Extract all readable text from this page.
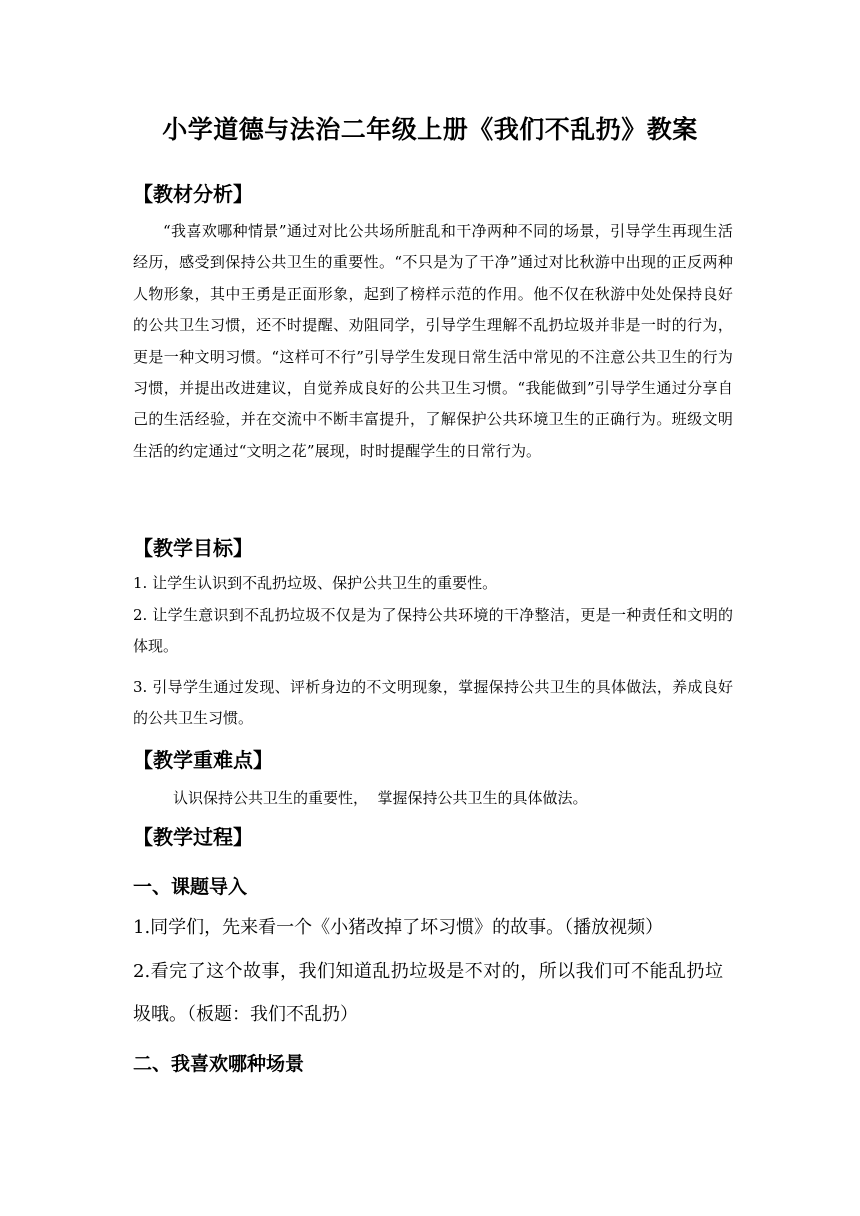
小学道德与法治二年级上册《我们不乱扔》教案
【教材分析】
“我喜欢哪种情景”通过对比公共场所脏乱和干净两种不同的场景，引导学生再现生活经历，感受到保持公共卫生的重要性。“不只是为了干净”通过对比秋游中出现的正反两种人物形象，其中王勇是正面形象，起到了榜样示范的作用。他不仅在秋游中处处保持良好的公共卫生习惯，还不时提醒、劝阻同学，引导学生理解不乱扔垃圾并非是一时的行为，更是一种文明习惯。“这样可不行”引导学生发现日常生活中常见的不注意公共卫生的行为习惯，并提出改进建议，自觉养成良好的公共卫生习惯。“我能做到”引导学生通过分享自己的生活经验，并在交流中不断丰富提升，了解保护公共环境卫生的正确行为。班级文明生活的约定通过“文明之花”展现，时时提醒学生的日常行为。
【教学目标】
1. 让学生认识到不乱扔垃圾、保护公共卫生的重要性。
2. 让学生意识到不乱扔垃圾不仅是为了保持公共环境的干净整洁，更是一种责任和文明的体现。
3. 引导学生通过发现、评析身边的不文明现象，掌握保持公共卫生的具体做法，养成良好的公共卫生习惯。
【教学重难点】
认识保持公共卫生的重要性，  掌握保持公共卫生的具体做法。
【教学过程】
一、课题导入
1.同学们，先来看一个《小猪改掉了坏习惯》的故事。（播放视频）
2.看完了这个故事，我们知道乱扔垃圾是不对的，所以我们可不能乱扔垃圾哦。（板题：我们不乱扔）
二、我喜欢哪种场景
